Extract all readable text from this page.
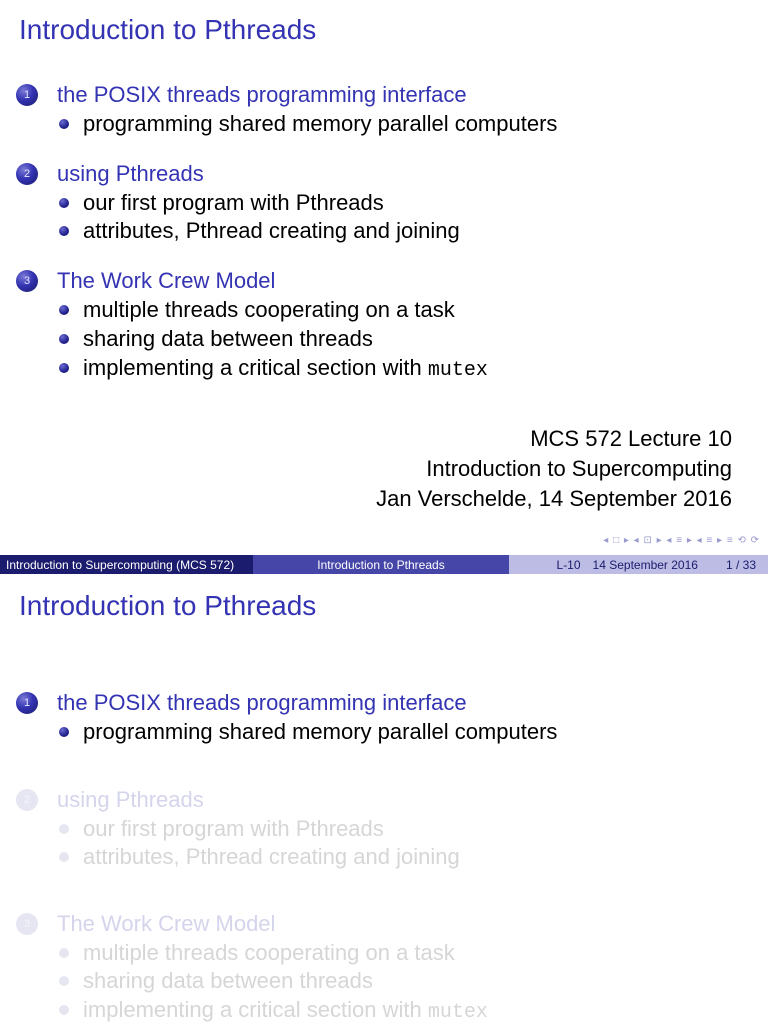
Introduction to Pthreads
1	the POSIX threads programming interface
programming shared memory parallel computers
2	using Pthreads
our first program with Pthreads
attributes, Pthread creating and joining
3	The Work Crew Model
multiple threads cooperating on a task
sharing data between threads
implementing a critical section with mutex
MCS 572 Lecture 10
Introduction to Supercomputing
Jan Verschelde, 14 September 2016
◂ □ ▸ ◂ ⊡ ▸ ◂ ≡ ▸ ◂ ≡ ▸ ≡ ⟲ ⟳
Introduction to Supercomputing (MCS 572)	Introduction to Pthreads	L-10 14 September 2016 1 / 33
Introduction to Pthreads
1	the POSIX threads programming interface
programming shared memory parallel computers
2	using Pthreads
our first program with Pthreads
attributes, Pthread creating and joining
3	The Work Crew Model
multiple threads cooperating on a task
sharing data between threads
implementing a critical section with mutex
